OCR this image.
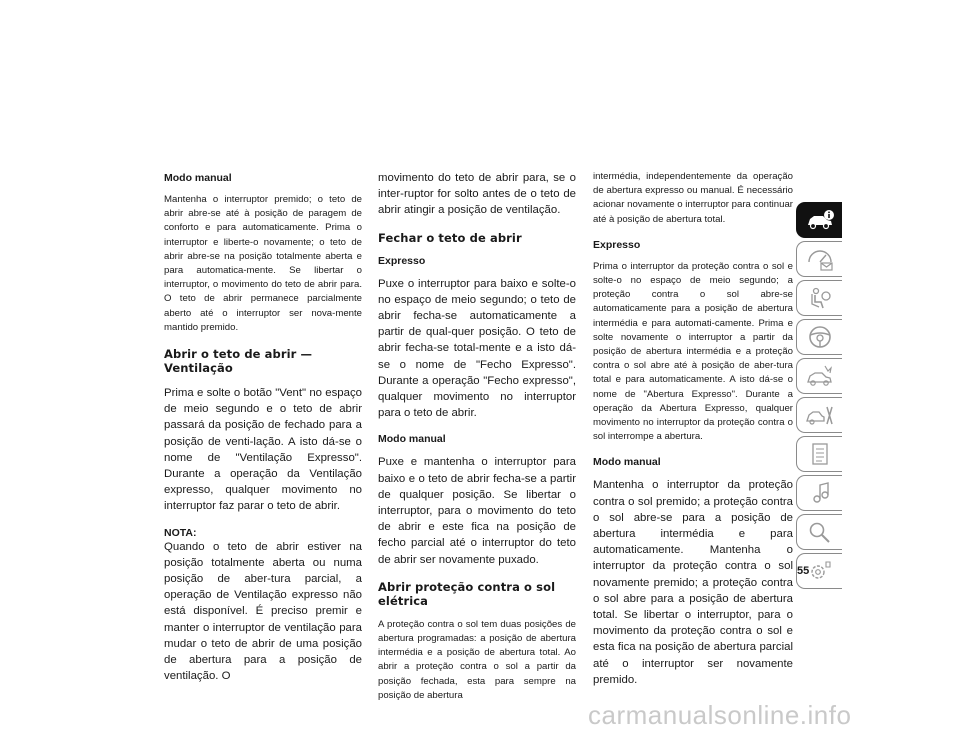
Modo manual

Mantenha o interruptor premido; o teto de abrir abre-se até à posição de paragem de conforto e para automaticamente. Prima o interruptor e liberte-o novamente; o teto de abrir abre-se na posição totalmente aberta e para automatica-mente. Se libertar o interruptor, o movimento do teto de abrir para. O teto de abrir permanece parcialmente aberto até o interruptor ser nova-mente mantido premido.

Abrir o teto de abrir — Ventilação

Prima e solte o botão "Vent" no espaço de meio segundo e o teto de abrir passará da posição de fechado para a posição de venti-lação. A isto dá-se o nome de "Ventilação Expresso". Durante a operação da Ventilação expresso, qualquer movimento no interruptor faz parar o teto de abrir.

NOTA:

Quando o teto de abrir estiver na posição totalmente aberta ou numa posição de aber-tura parcial, a operação de Ventilação expresso não está disponível. É preciso premir e manter o interruptor de ventilação para mudar o teto de abrir de uma posição de abertura para a posição de ventilação. O

movimento do teto de abrir para, se o inter-ruptor for solto antes de o teto de abrir atingir a posição de ventilação.

Fechar o teto de abrir
Expresso

Puxe o interruptor para baixo e solte-o no espaço de meio segundo; o teto de abrir fecha-se automaticamente a partir de qual-quer posição. O teto de abrir fecha-se total-mente e a isto dá-se o nome de "Fecho Expresso". Durante a operação "Fecho expresso", qualquer movimento no interruptor para o teto de abrir.

Modo manual

Puxe e mantenha o interruptor para baixo e o teto de abrir fecha-se a partir de qualquer posição. Se libertar o interruptor, para o movimento do teto de abrir e este fica na posição de fecho parcial até o interruptor do teto de abrir ser novamente puxado.

Abrir proteção contra o sol elétrica

A proteção contra o sol tem duas posições de abertura programadas: a posição de abertura intermédia e a posição de abertura total. Ao abrir a proteção contra o sol a partir da posição fechada, esta para sempre na posição de abertura

intermédia, independentemente da operação de abertura expresso ou manual. É necessário acionar novamente o interruptor para continuar até à posição de abertura total.

Expresso

Prima o interruptor da proteção contra o sol e solte-o no espaço de meio segundo; a proteção contra o sol abre-se automaticamente para a posição de abertura intermédia e para automati-camente. Prima e solte novamente o interruptor a partir da posição de abertura intermédia e a proteção contra o sol abre até à posição de aber-tura total e para automaticamente. A isto dá-se o nome de "Abertura Expresso". Durante a operação da Abertura Expresso, qualquer movimento no interruptor da proteção contra o sol interrompe a abertura.

Modo manual

Mantenha o interruptor da proteção contra o sol premido; a proteção contra o sol abre-se para a posição de abertura intermédia e para automaticamente. Mantenha o interruptor da proteção contra o sol novamente premido; a proteção contra o sol abre para a posição de abertura total. Se libertar o interruptor, para o movimento da proteção contra o sol e esta fica na posição de abertura parcial até o interruptor ser novamente premido.

55
carmanualsonline.info
